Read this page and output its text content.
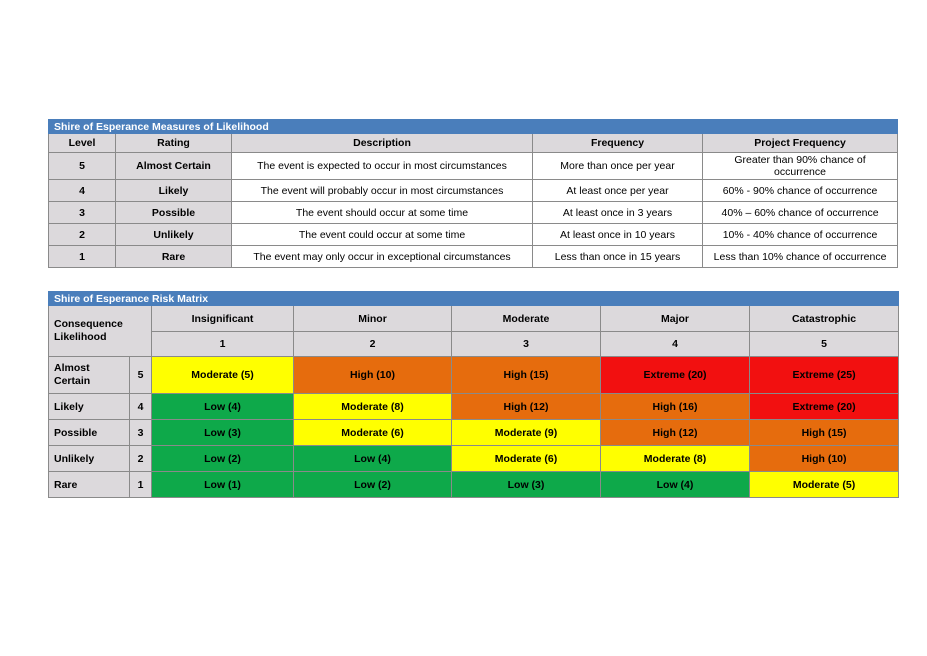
Shire of Esperance Measures of Likelihood				
Level	Rating	Description	Frequency	Project Frequency
5	Almost Certain	The event is expected to occur in most circumstances	More than once per year	Greater than 90% chance of occurrence
4	Likely	The event will probably occur in most circumstances	At least once per year	60% - 90% chance of occurrence
3	Possible	The event should occur at some time	At least once in 3 years	40% – 60% chance of occurrence
2	Unlikely	The event could occur at some time	At least once in 10 years	10% - 40% chance of occurrence
1	Rare	The event may only occur in exceptional circumstances	Less than once in 15 years	Less than 10% chance of occurrence
Shire of Esperance Risk Matrix						
Consequence Likelihood		Insignificant	Minor	Moderate	Major	Catastrophic
		1	2	3	4	5
Almost Certain	5	Moderate (5)	High (10)	High (15)	Extreme (20)	Extreme (25)
Likely	4	Low (4)	Moderate (8)	High (12)	High (16)	Extreme (20)
Possible	3	Low (3)	Moderate (6)	Moderate (9)	High (12)	High (15)
Unlikely	2	Low (2)	Low (4)	Moderate (6)	Moderate (8)	High (10)
Rare	1	Low (1)	Low (2)	Low (3)	Low (4)	Moderate (5)
